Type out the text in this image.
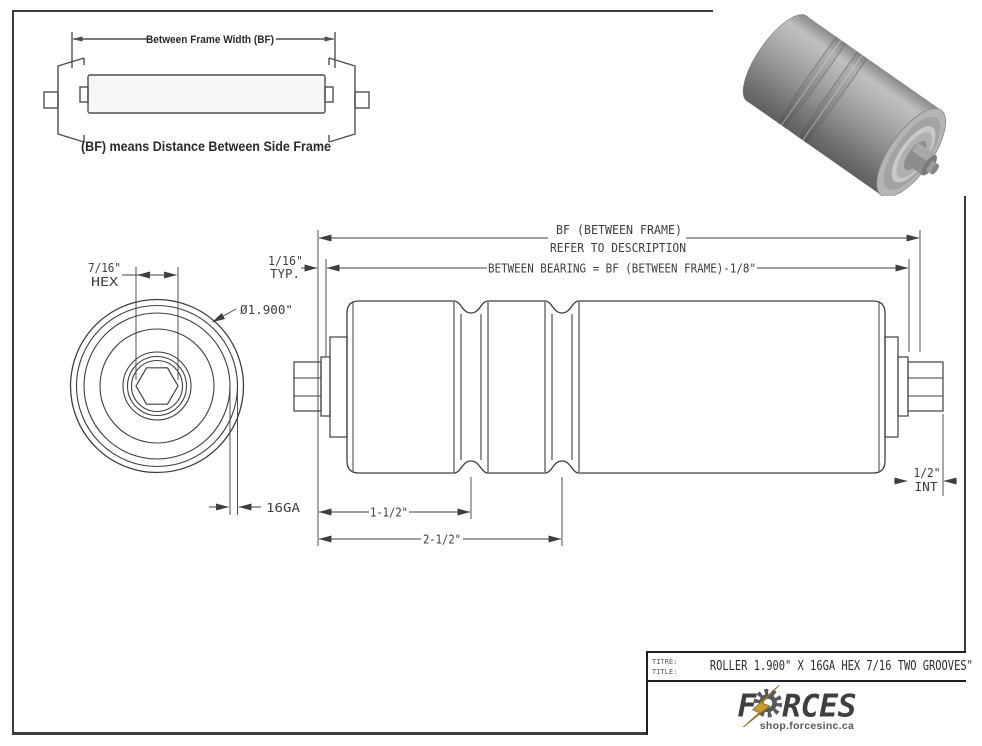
7/16"
HEX
Ø1.900"
16GA
BF (BETWEEN FRAME)
REFER TO DESCRIPTION
BETWEEN BEARING = BF (BETWEEN FRAME)-1/8"
1/16"
TYP.
1-1/2"
2-1/2"
1/2"
INT
Between Frame Width (BF)
(BF) means Distance Between Side Frame
TITRE:
TITLE:	ROLLER 1.900" X 16GA HEX 7/16 TWO GROOVES"
F RCES
shop.forcesinc.ca
